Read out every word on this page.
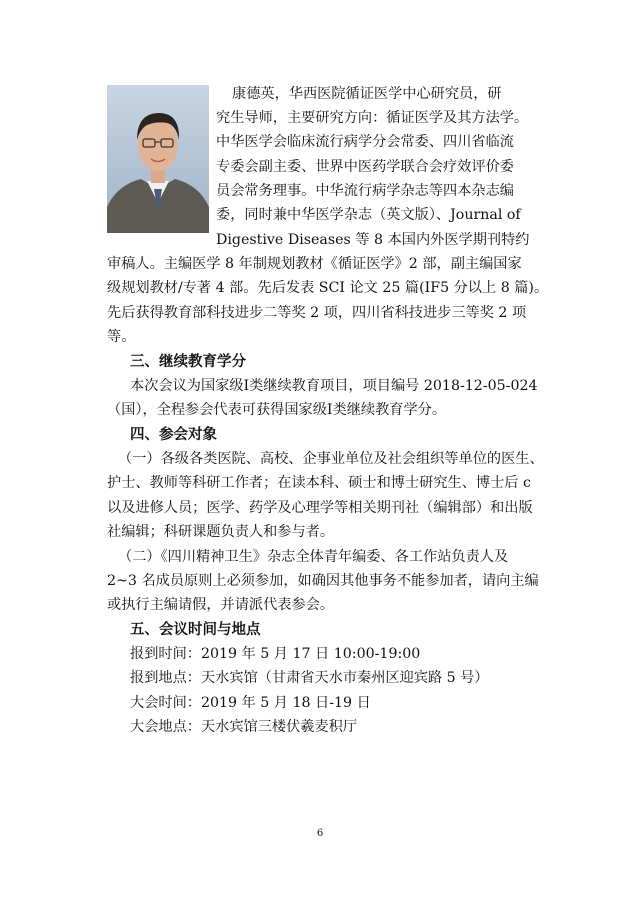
康德英，华西医院循证医学中心研究员，研
究生导师，主要研究方向：循证医学及其方法学。
中华医学会临床流行病学分会常委、四川省临流
专委会副主委、世界中医药学联合会疗效评价委
员会常务理事。中华流行病学杂志等四本杂志编
委，同时兼中华医学杂志（英文版）、Journal of
Digestive Diseases 等 8 本国内外医学期刊特约
审稿人。主编医学 8 年制规划教材《循证医学》2 部，副主编国家
级规划教材/专著 4 部。先后发表 SCI 论文 25 篇(IF5 分以上 8 篇)。
先后获得教育部科技进步二等奖 2 项，四川省科技进步三等奖 2 项
等。
三、继续教育学分
本次会议为国家级Ⅰ类继续教育项目，项目编号 2018-12-05-024
（国），全程参会代表可获得国家级Ⅰ类继续教育学分。
四、参会对象
（一）各级各类医院、高校、企事业单位及社会组织等单位的医生、
护士、教师等科研工作者；在读本科、硕士和博士研究生、博士后 c
以及进修人员；医学、药学及心理学等相关期刊社（编辑部）和出版
社编辑；科研课题负责人和参与者。
（二）《四川精神卫生》杂志全体青年编委、各工作站负责人及
2~3 名成员原则上必须参加，如确因其他事务不能参加者，请向主编
或执行主编请假，并请派代表参会。
五、会议时间与地点
报到时间：2019 年 5 月 17 日 10:00-19:00
报到地点：天水宾馆（甘肃省天水市秦州区迎宾路 5 号）
大会时间：2019 年 5 月 18 日-19 日
大会地点：天水宾馆三楼伏羲麦积厅
6
